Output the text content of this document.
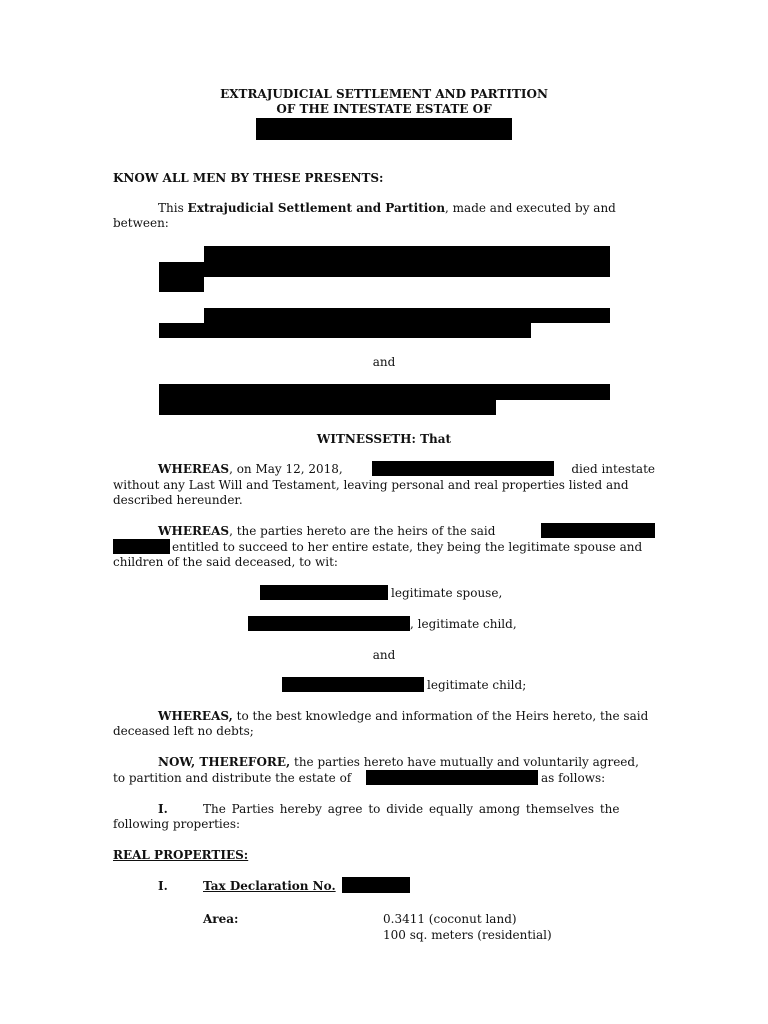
EXTRAJUDICIAL SETTLEMENT AND PARTITION
OF THE INTESTATE ESTATE OF
KNOW ALL MEN BY THESE PRESENTS:
This Extrajudicial Settlement and Partition, made and executed by and
between:
and
WITNESSETH: That
WHEREAS, on May 12, 2018,	died intestate
without any Last Will and Testament, leaving personal and real properties listed and
described hereunder.
WHEREAS, the parties hereto are the heirs of the said
entitled to succeed to her entire estate, they being the legitimate spouse and
children of the said deceased, to wit:
legitimate spouse,
, legitimate child,
and
legitimate child;
WHEREAS, to the best knowledge and information of the Heirs hereto, the said
deceased left no debts;
NOW, THEREFORE, the parties hereto have mutually and voluntarily agreed,
to partition and distribute the estate of	as follows:
I.	The Parties hereby agree to divide equally among themselves the
following properties:
REAL PROPERTIES:
I.	Tax Declaration No.
Area:	0.3411 (coconut land)
100 sq. meters (residential)
